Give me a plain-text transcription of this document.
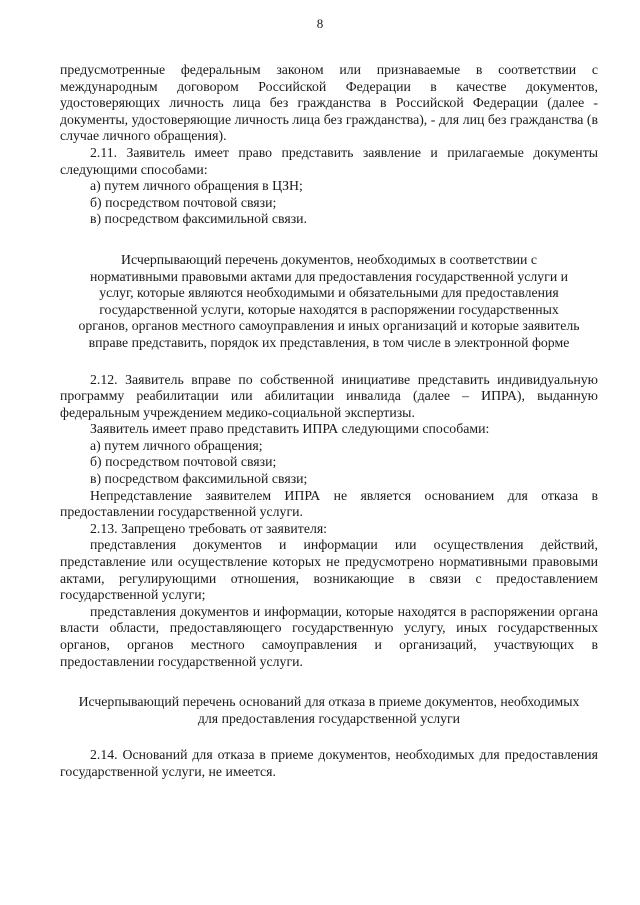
8

предусмотренные федеральным законом или признаваемые в соответствии с международным договором Российской Федерации в качестве документов, удостоверяющих личность лица без гражданства в Российской Федерации (далее - документы, удостоверяющие личность лица без гражданства), - для лиц без гражданства (в случае личного обращения).

2.11. Заявитель имеет право представить заявление и прилагаемые документы следующими способами:

а) путем личного обращения в ЦЗН;

б) посредством почтовой связи;

в) посредством факсимильной связи.

Исчерпывающий перечень документов, необходимых в соответствии с нормативными правовыми актами для предоставления государственной услуги и услуг, которые являются необходимыми и обязательными для предоставления государственной услуги, которые находятся в распоряжении государственных органов, органов местного самоуправления и иных организаций и которые заявитель вправе представить, порядок их представления, в том числе в электронной форме

2.12. Заявитель вправе по собственной инициативе представить индивидуальную программу реабилитации или абилитации инвалида (далее – ИПРА), выданную федеральным учреждением медико-социальной экспертизы.

Заявитель имеет право представить ИПРА следующими способами:

а) путем личного обращения;

б) посредством почтовой связи;

в) посредством факсимильной связи;

Непредставление заявителем ИПРА не является основанием для отказа в предоставлении государственной услуги.

2.13. Запрещено требовать от заявителя:

представления документов и информации или осуществления действий, представление или осуществление которых не предусмотрено нормативными правовыми актами, регулирующими отношения, возникающие в связи с предоставлением государственной услуги;

представления документов и информации, которые находятся в распоряжении органа власти области, предоставляющего государственную услугу, иных государственных органов, органов местного самоуправления и организаций, участвующих в предоставлении государственной услуги.

Исчерпывающий перечень оснований для отказа в приеме документов, необходимых для предоставления государственной услуги

2.14. Оснований для отказа в приеме документов, необходимых для предоставления государственной услуги, не имеется.
